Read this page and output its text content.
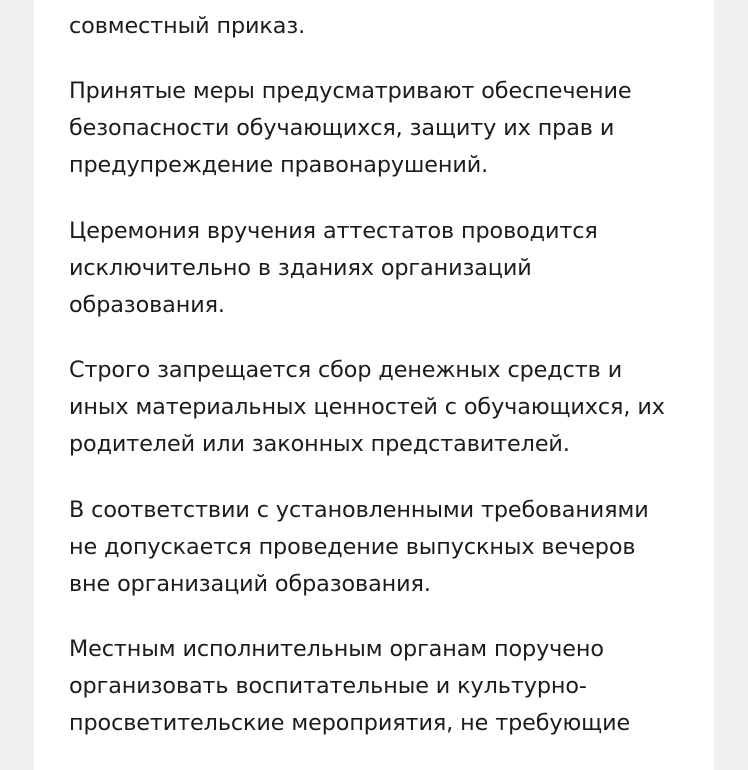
совместный приказ.
Принятые меры предусматривают обеспечение
безопасности обучающихся, защиту их прав и
предупреждение правонарушений.
Церемония вручения аттестатов проводится
исключительно в зданиях организаций
образования.
Строго запрещается сбор денежных средств и
иных материальных ценностей с обучающихся, их
родителей или законных представителей.
В соответствии с установленными требованиями
не допускается проведение выпускных вечеров
вне организаций образования.
Местным исполнительным органам поручено
организовать воспитательные и культурно-
просветительские мероприятия, не требующие
